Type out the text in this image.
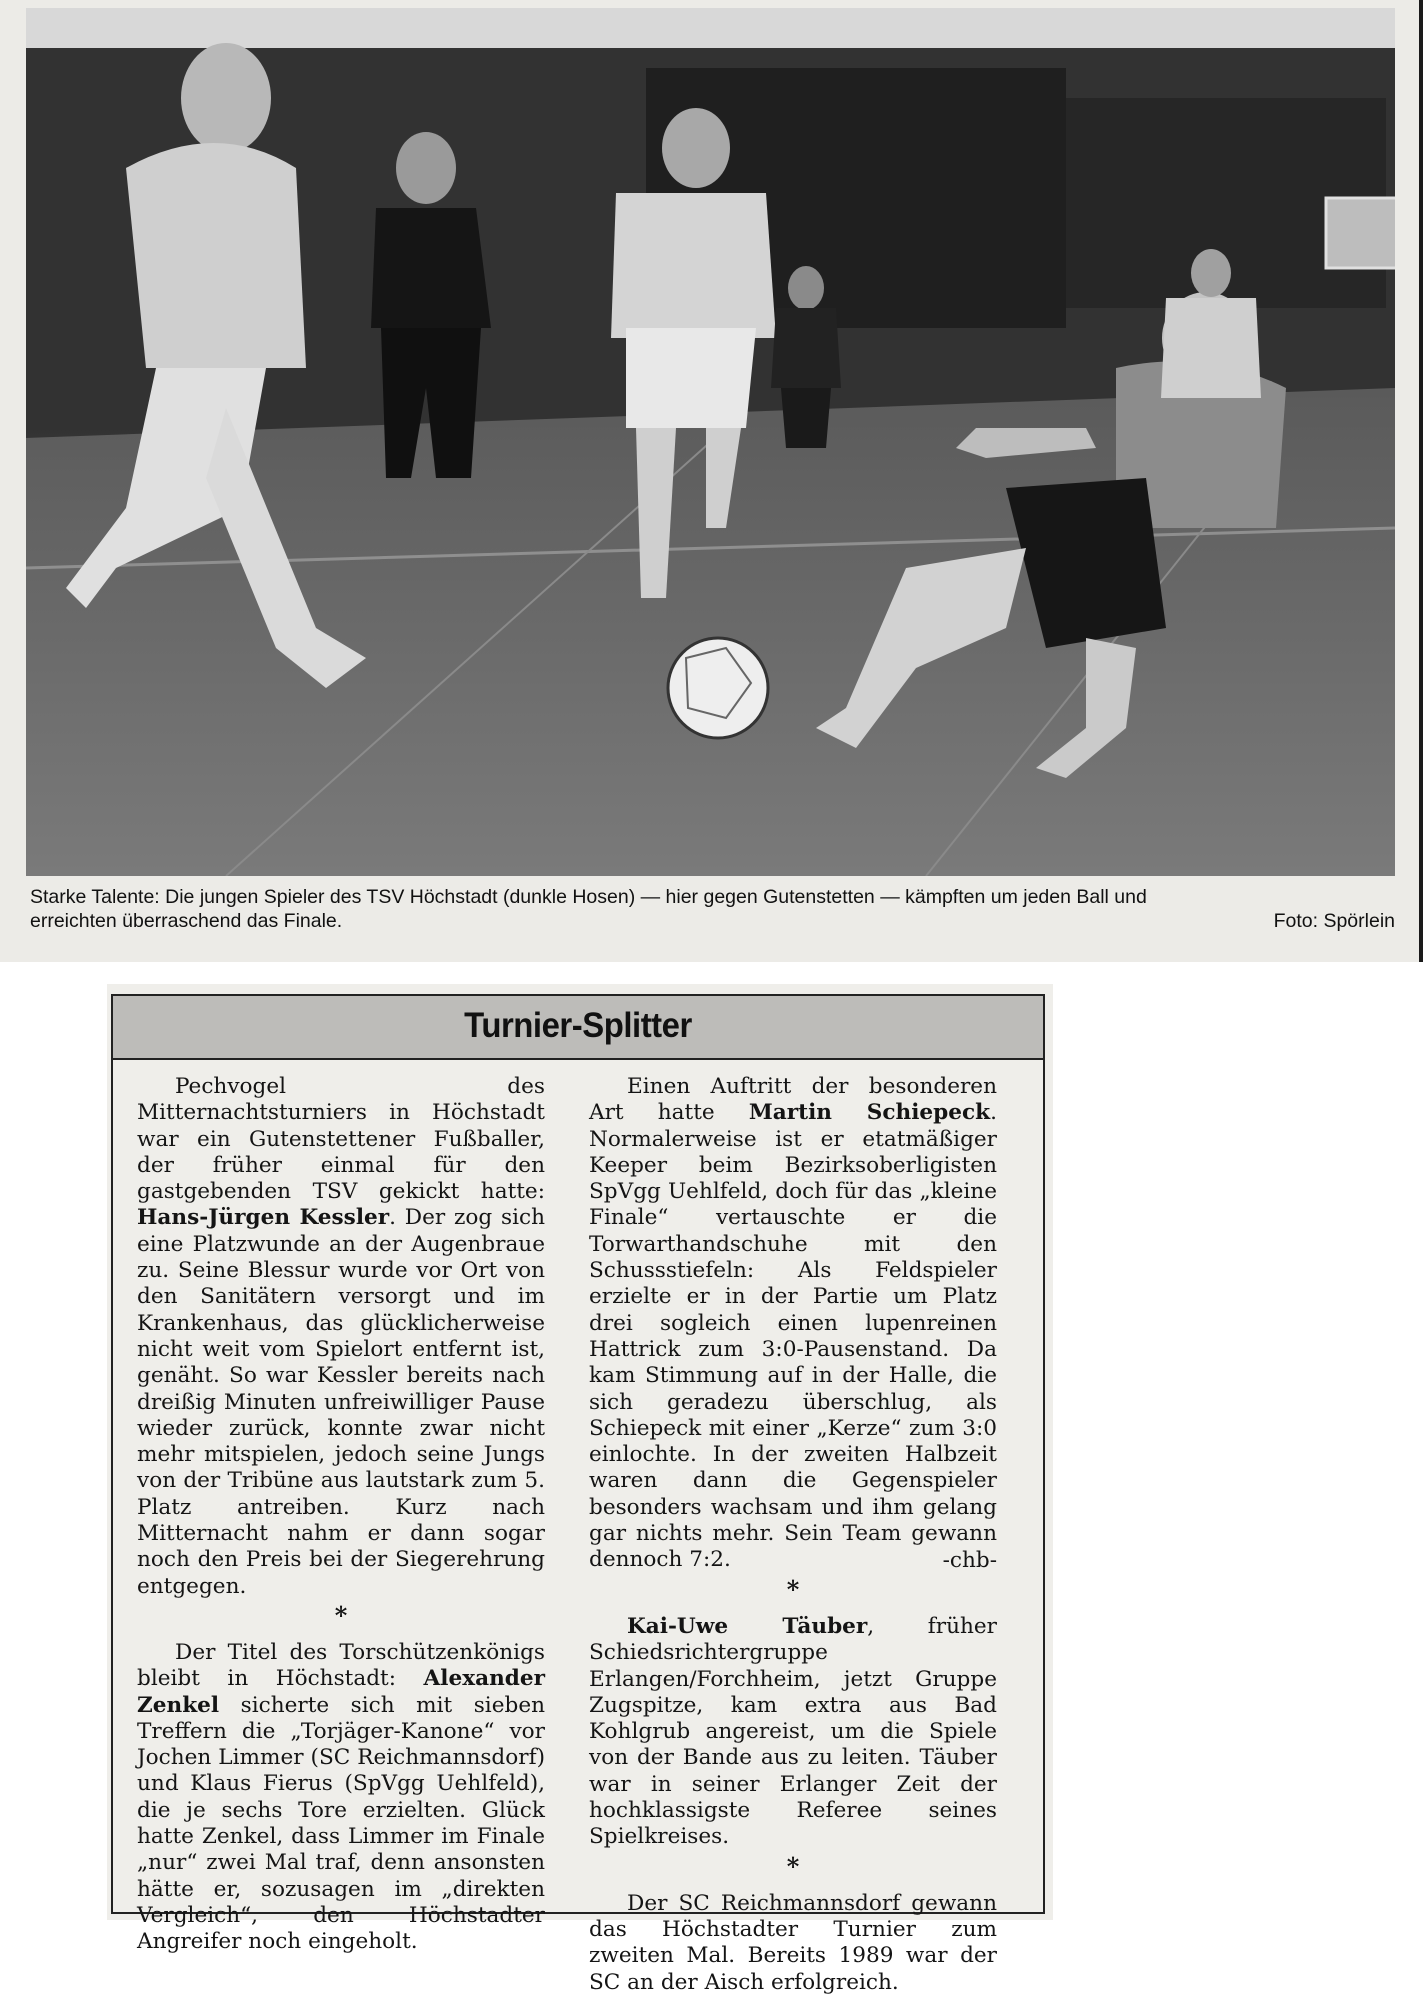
Starke Talente: Die jungen Spieler des TSV Höchstadt (dunkle Hosen) — hier gegen Gutenstetten — kämpften um jeden Ball und erreichten überraschend das Finale.	Foto: Spörlein
Turnier-Splitter

Pechvogel des Mitternachtsturniers in Höchstadt war ein Gutenstettener Fußballer, der früher einmal für den gastgebenden TSV gekickt hatte: Hans-Jürgen Kessler. Der zog sich eine Platzwunde an der Augenbraue zu. Seine Blessur wurde vor Ort von den Sanitätern versorgt und im Krankenhaus, das glücklicherweise nicht weit vom Spielort entfernt ist, genäht. So war Kessler bereits nach dreißig Minuten unfreiwilliger Pause wieder zurück, konnte zwar nicht mehr mitspielen, jedoch seine Jungs von der Tribüne aus lautstark zum 5. Platz antreiben. Kurz nach Mitternacht nahm er dann sogar noch den Preis bei der Siegerehrung entgegen.

*

Der Titel des Torschützenkönigs bleibt in Höchstadt: Alexander Zenkel sicherte sich mit sieben Treffern die „Torjäger-Kanone“ vor Jochen Limmer (SC Reichmannsdorf) und Klaus Fierus (SpVgg Uehlfeld), die je sechs Tore erzielten. Glück hatte Zenkel, dass Limmer im Finale „nur“ zwei Mal traf, denn ansonsten hätte er, sozusagen im „direkten Vergleich“, den Höchstadter Angreifer noch eingeholt.

Einen Auftritt der besonderen Art hatte Martin Schiepeck. Normalerweise ist er etatmäßiger Keeper beim Bezirksoberligisten SpVgg Uehlfeld, doch für das „kleine Finale“ vertauschte er die Torwarthandschuhe mit den Schussstiefeln: Als Feldspieler erzielte er in der Partie um Platz drei sogleich einen lupenreinen Hattrick zum 3:0-Pausenstand. Da kam Stimmung auf in der Halle, die sich geradezu überschlug, als Schiepeck mit einer „Kerze“ zum 3:0 einlochte. In der zweiten Halbzeit waren dann die Gegenspieler besonders wachsam und ihm gelang gar nichts mehr. Sein Team gewann dennoch 7:2.	-chb-
*

Kai-Uwe Täuber, früher Schiedsrichtergruppe Erlangen/Forchheim, jetzt Gruppe Zugspitze, kam extra aus Bad Kohlgrub angereist, um die Spiele von der Bande aus zu leiten. Täuber war in seiner Erlanger Zeit der hochklassigste Referee seines Spielkreises.

*

Der SC Reichmannsdorf gewann das Höchstadter Turnier zum zweiten Mal. Bereits 1989 war der SC an der Aisch erfolgreich.
